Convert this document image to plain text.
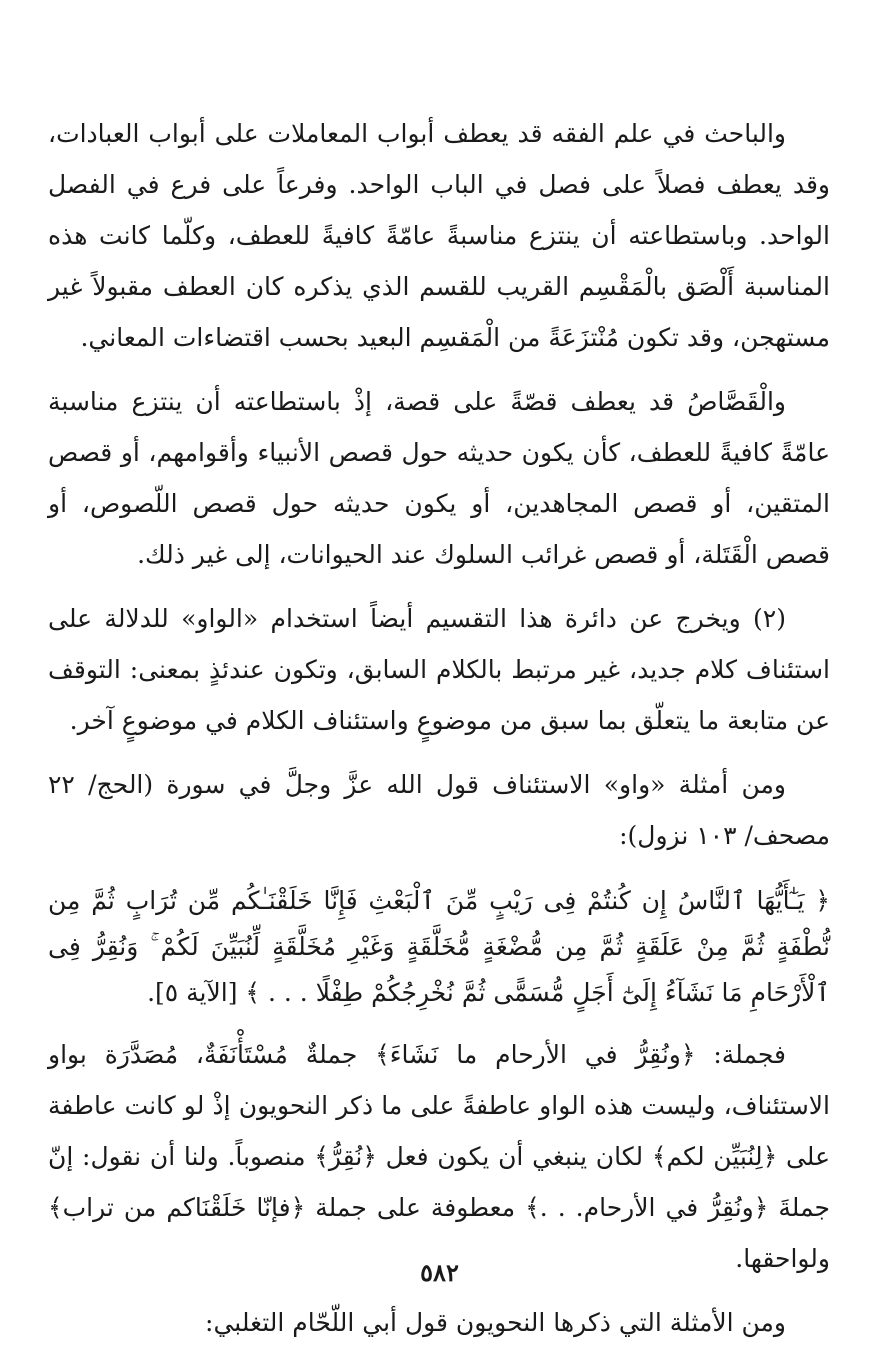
والباحث في علم الفقه قد يعطف أبواب المعاملات على أبواب العبادات، وقد يعطف فصلاً على فصل في الباب الواحد. وفرعاً على فرع في الفصل الواحد. وباستطاعته أن ينتزع مناسبةً عامّةً كافيةً للعطف، وكلّما كانت هذه المناسبة أَلْصَق بالْمَقْسِم القريب للقسم الذي يذكره كان العطف مقبولاً غير مستهجن، وقد تكون مُنْتزَعَةً من الْمَقسِم البعيد بحسب اقتضاءات المعاني.

والْقَصَّاصُ قد يعطف قصّةً على قصة، إذْ باستطاعته أن ينتزع مناسبة عامّةً كافيةً للعطف، كأن يكون حديثه حول قصص الأنبياء وأقوامهم، أو قصص المتقين، أو قصص المجاهدين، أو يكون حديثه حول قصص اللّصوص، أو قصص الْقَتَلة، أو قصص غرائب السلوك عند الحيوانات، إلى غير ذلك.

(٢) ويخرج عن دائرة هذا التقسيم أيضاً استخدام «الواو» للدلالة على استئناف كلام جديد، غير مرتبط بالكلام السابق، وتكون عندئذٍ بمعنى: التوقف عن متابعة ما يتعلّق بما سبق من موضوعٍ واستئناف الكلام في موضوعٍ آخر.

ومن أمثلة «واو» الاستئناف قول الله عزَّ وجلَّ في سورة (الحج/ ٢٢ مصحف/ ١٠٣ نزول):

﴿ يَـٰٓأَيُّهَا ٱلنَّاسُ إِن كُنتُمْ فِى رَيْبٍ مِّنَ ٱلْبَعْثِ فَإِنَّا خَلَقْنَـٰكُم مِّن تُرَابٍ ثُمَّ مِن نُّطْفَةٍ ثُمَّ مِنْ عَلَقَةٍ ثُمَّ مِن مُّضْغَةٍ مُّخَلَّقَةٍ وَغَيْرِ مُخَلَّقَةٍ لِّنُبَيِّنَ لَكُمْ ۚ وَنُقِرُّ فِى ٱلْأَرْحَامِ مَا نَشَآءُ إِلَىٰٓ أَجَلٍ مُّسَمًّى ثُمَّ نُخْرِجُكُمْ طِفْلًا . . . ﴾ [الآية ٥].

فجملة: ﴿ونُقِرُّ في الأرحام ما نَشَاءَ﴾ جملةٌ مُسْتَأْنَفَةٌ، مُصَدَّرَة بواو الاستئناف، وليست هذه الواو عاطفةً على ما ذكر النحويون إذْ لو كانت عاطفة على ﴿لِنُبَيِّن لكم﴾ لكان ينبغي أن يكون فعل ﴿نُقِرُّ﴾ منصوباً. ولنا أن نقول: إنّ جملةَ ﴿ونُقِرُّ في الأرحام. . .﴾ معطوفة على جملة ﴿فإنّا خَلَقْنَاكم من تراب﴾ ولواحقها.

ومن الأمثلة التي ذكرها النحويون قول أبي اللّحّام التغلبي:

٥٨٢
